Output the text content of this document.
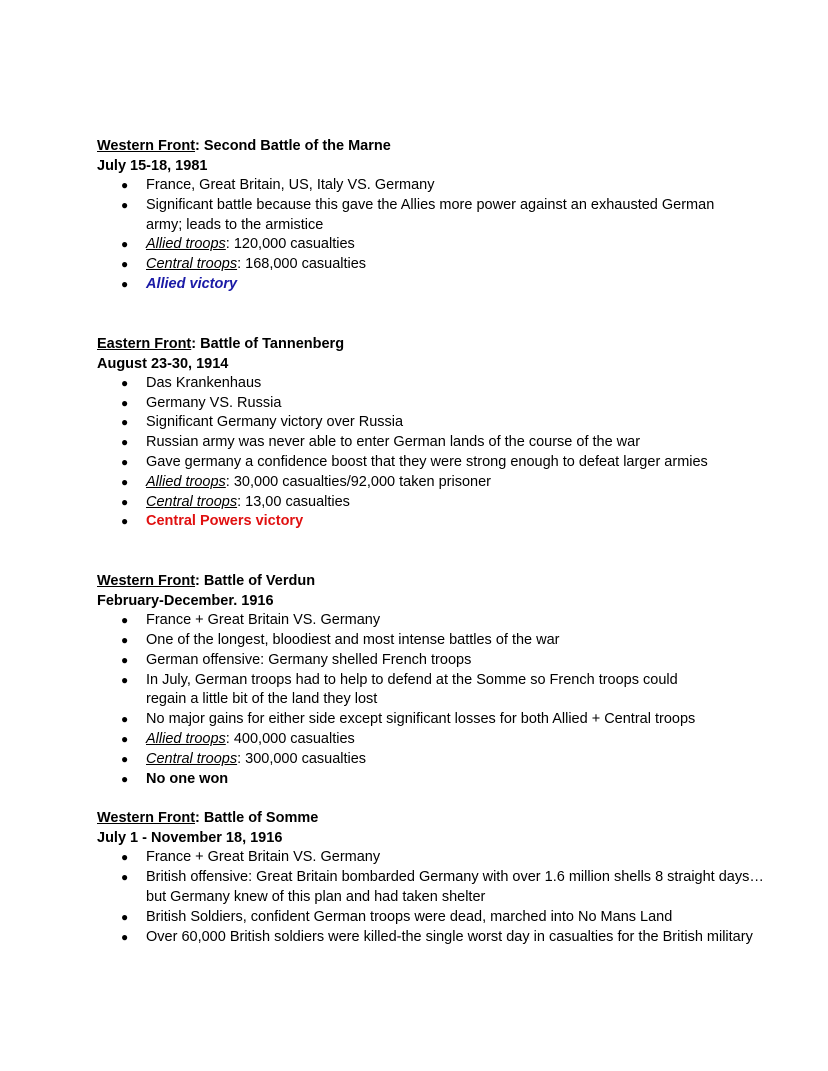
Western Front: Second Battle of the Marne
July 15-18, 1981
● France, Great Britain, US, Italy VS. Germany
● Significant battle because this gave the Allies more power against an exhausted German army; leads to the armistice
● Allied troops: 120,000 casualties
● Central troops: 168,000 casualties
● Allied victory
Eastern Front: Battle of Tannenberg
August 23-30, 1914
● Das Krankenhaus
● Germany VS. Russia
● Significant Germany victory over Russia
● Russian army was never able to enter German lands of the course of the war
● Gave germany a confidence boost that they were strong enough to defeat larger armies
● Allied troops: 30,000 casualties/92,000 taken prisoner
● Central troops: 13,00 casualties
● Central Powers victory
Western Front: Battle of Verdun
February-December. 1916
● France + Great Britain VS. Germany
● One of the longest, bloodiest and most intense battles of the war
● German offensive: Germany shelled French troops
● In July, German troops had to help to defend at the Somme so French troops could regain a little bit of the land they lost
● No major gains for either side except significant losses for both Allied + Central troops
● Allied troops: 400,000 casualties
● Central troops: 300,000 casualties
● No one won
Western Front: Battle of Somme
July 1 - November 18, 1916
● France + Great Britain VS. Germany
● British offensive: Great Britain bombarded Germany with over 1.6 million shells 8 straight days… but Germany knew of this plan and had taken shelter
● British Soldiers, confident German troops were dead, marched into No Mans Land
● Over 60,000 British soldiers were killed-the single worst day in casualties for the British military
